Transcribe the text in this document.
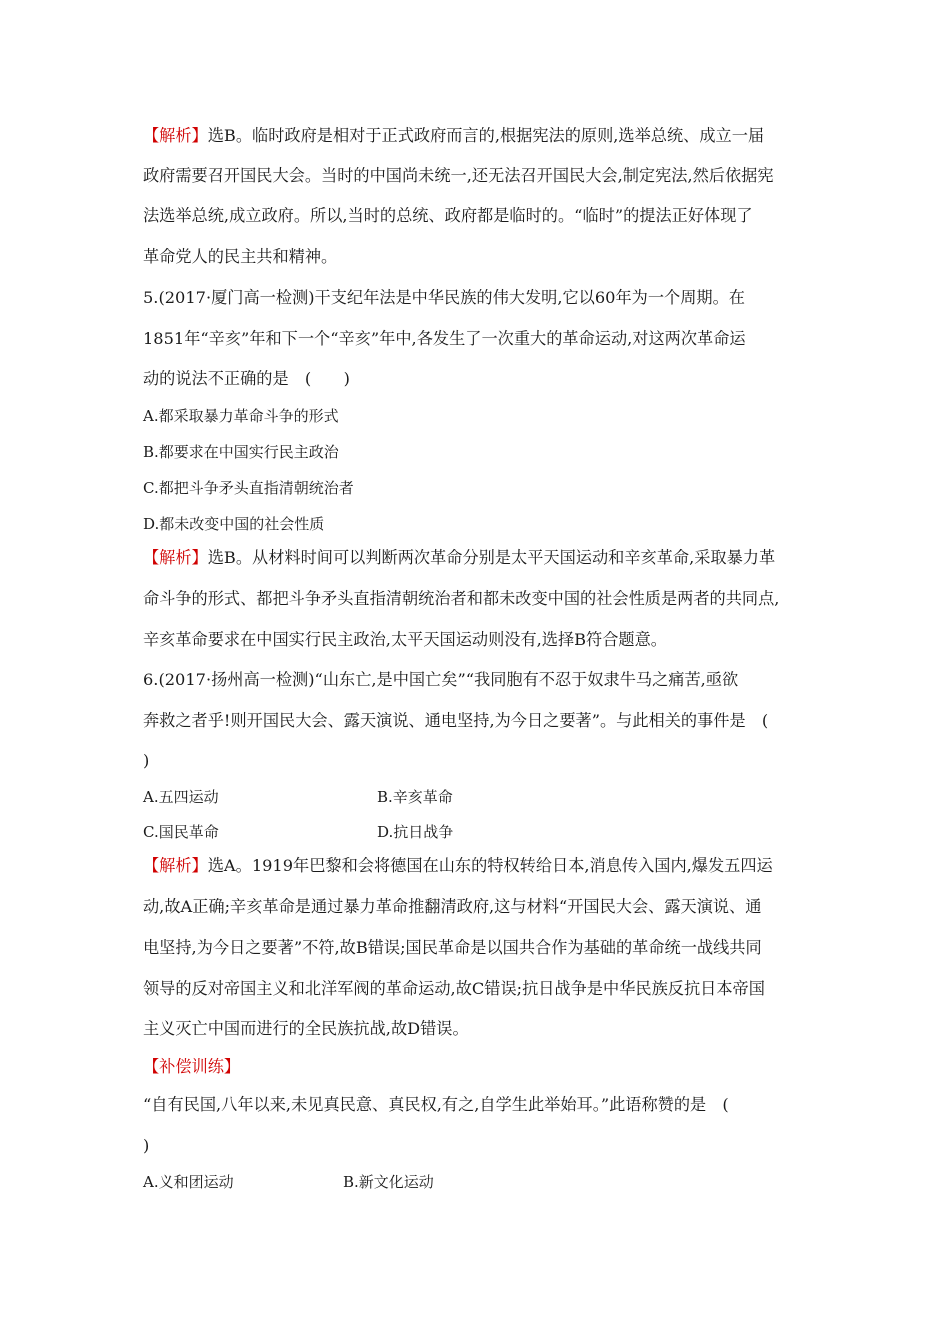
【解析】选B。临时政府是相对于正式政府而言的,根据宪法的原则,选举总统、成立一届
政府需要召开国民大会。当时的中国尚未统一,还无法召开国民大会,制定宪法,然后依据宪
法选举总统,成立政府。所以,当时的总统、政府都是临时的。“临时”的提法正好体现了
革命党人的民主共和精神。
5.(2017·厦门高一检测)干支纪年法是中华民族的伟大发明,它以60年为一个周期。在
1851年“辛亥”年和下一个“辛亥”年中,各发生了一次重大的革命运动,对这两次革命运
动的说法不正确的是　(　　)
A.都采取暴力革命斗争的形式
B.都要求在中国实行民主政治
C.都把斗争矛头直指清朝统治者
D.都未改变中国的社会性质
【解析】选B。从材料时间可以判断两次革命分别是太平天国运动和辛亥革命,采取暴力革
命斗争的形式、都把斗争矛头直指清朝统治者和都未改变中国的社会性质是两者的共同点,
辛亥革命要求在中国实行民主政治,太平天国运动则没有,选择B符合题意。
6.(2017·扬州高一检测)“山东亡,是中国亡矣”“我同胞有不忍于奴隶牛马之痛苦,亟欲
奔救之者乎!则开国民大会、露天演说、通电坚持,为今日之要著”。与此相关的事件是　(
)
A.五四运动	B.辛亥革命
C.国民革命	D.抗日战争
【解析】选A。1919年巴黎和会将德国在山东的特权转给日本,消息传入国内,爆发五四运
动,故A正确;辛亥革命是通过暴力革命推翻清政府,这与材料“开国民大会、露天演说、通
电坚持,为今日之要著”不符,故B错误;国民革命是以国共合作为基础的革命统一战线共同
领导的反对帝国主义和北洋军阀的革命运动,故C错误;抗日战争是中华民族反抗日本帝国
主义灭亡中国而进行的全民族抗战,故D错误。
【补偿训练】
“自有民国,八年以来,未见真民意、真民权,有之,自学生此举始耳。”此语称赞的是　(
)
A.义和团运动	B.新文化运动
